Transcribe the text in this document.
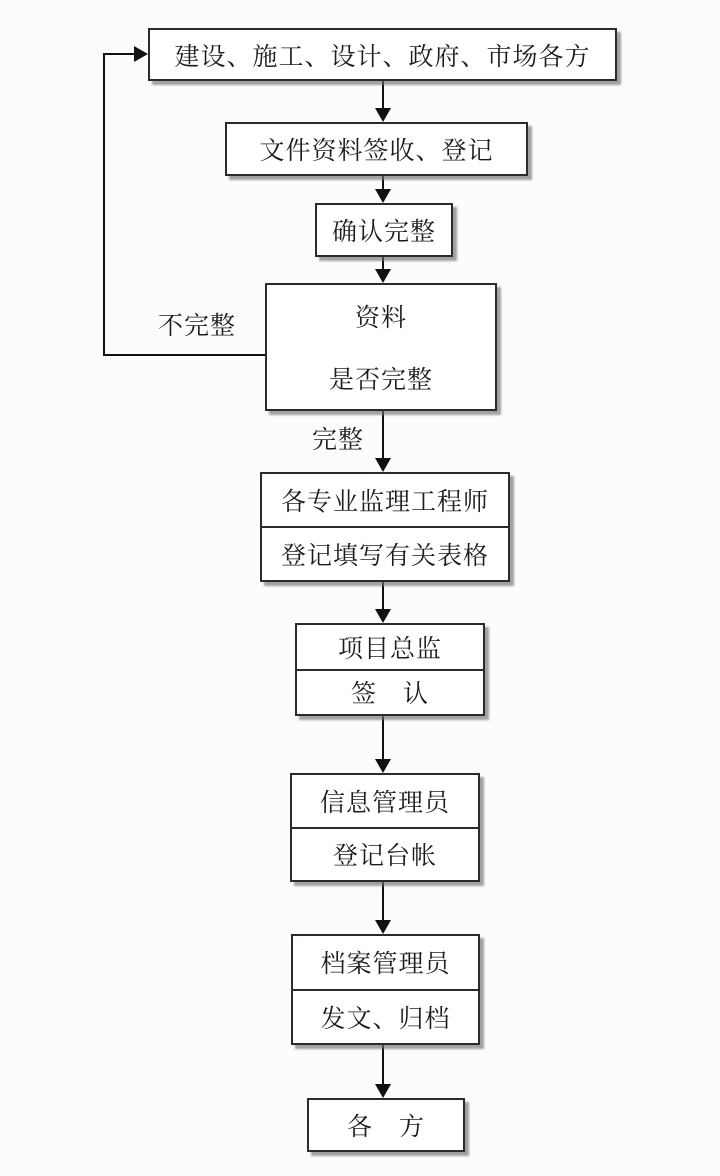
不完整
完整
建设、施工、设计、政府、市场各方
文件资料签收、登记
确认完整
资料
是否完整
各专业监理工程师
登记填写有关表格
项目总监
签　认
信息管理员
登记台帐
档案管理员
发文、归档
各　方
